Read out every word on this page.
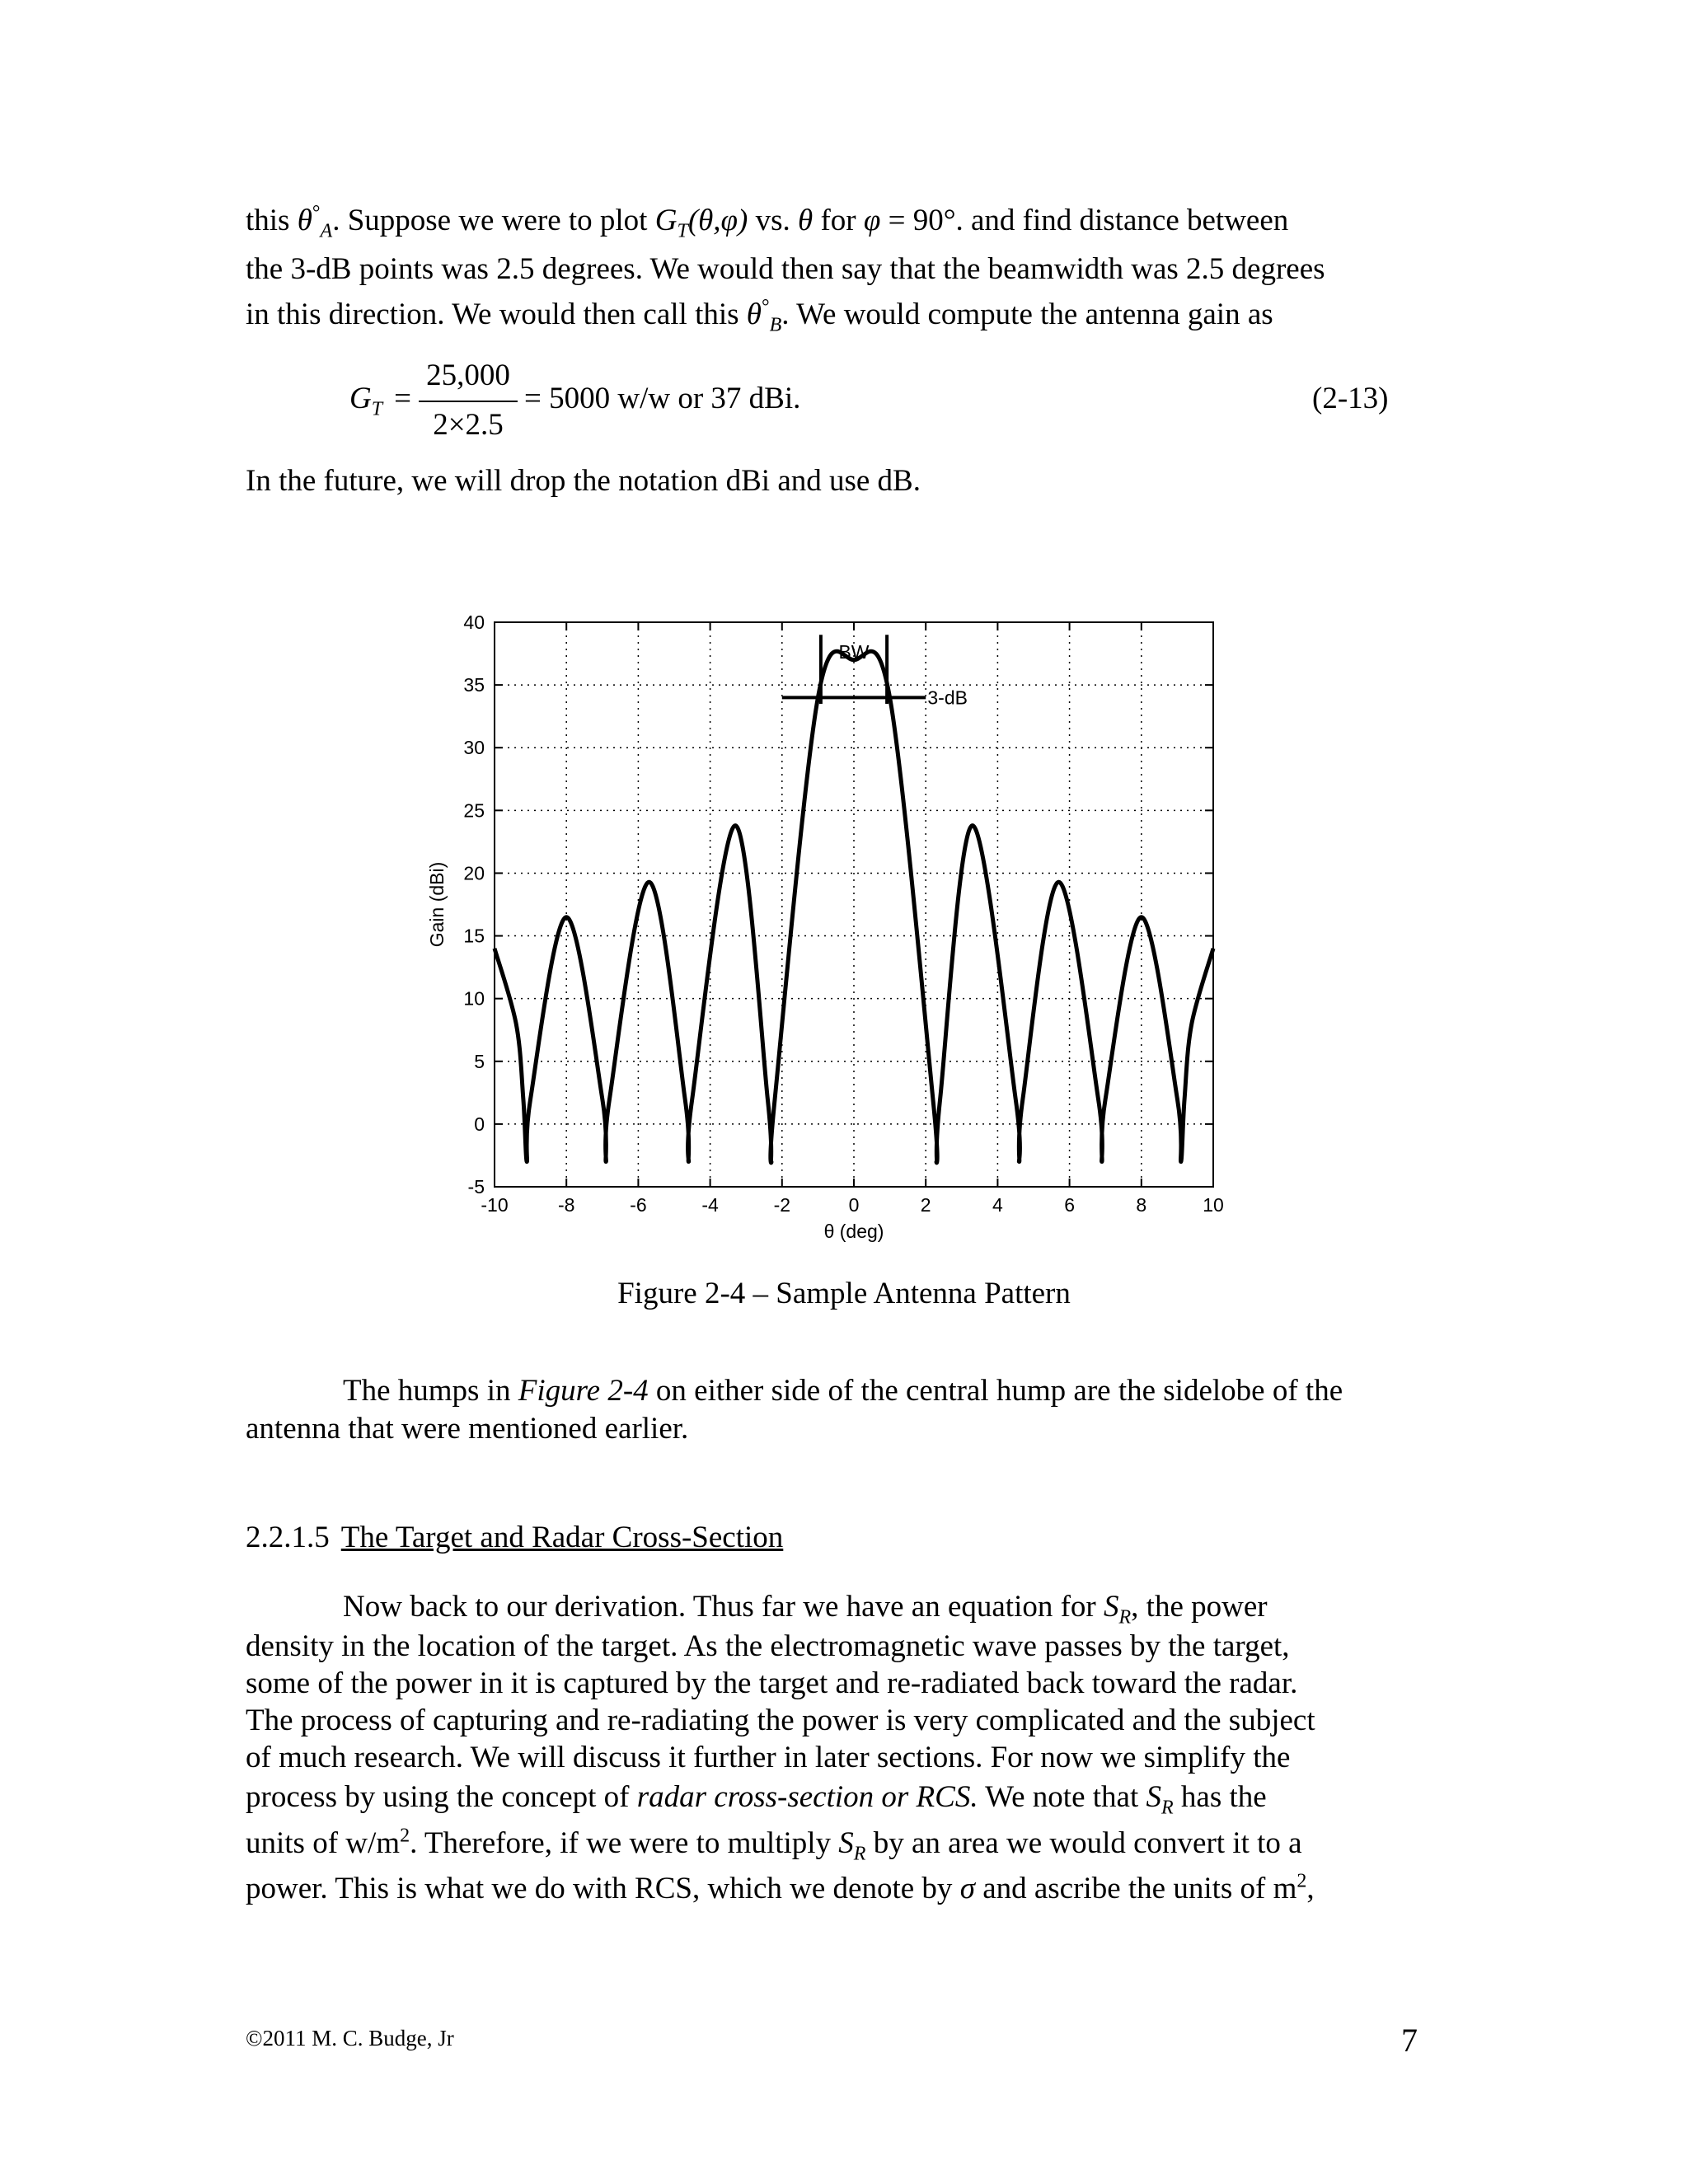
this $\theta^\circ_A$. Suppose we were to plot $G_T(\theta,\varphi)$ vs. θ for φ = 90°. and find distance between
the 3-dB points was 2.5 degrees. We would then say that the beamwidth was 2.5 degrees
in this direction. We would then call this $\theta^\circ_B$. We would compute the antenna gain as
$G_T$ =
25,000
2×2.5
= 5000 w/w or 37 dBi.	(2-13)
In the future, we will drop the notation dBi and use dB.
3-dB
BW
-10	-8	-6	-4	-2	0	2	4	6	8	10
-5
0
5
10
15
20
25
30
35
40
θ (deg)
Gain (dBi)
Figure 2-4 – Sample Antenna Pattern
The humps in Figure 2-4 on either side of the central hump are the sidelobe of the
antenna that were mentioned earlier.
2.2.1.5 The Target and Radar Cross-Section
Now back to our derivation. Thus far we have an equation for $S_R$, the power
density in the location of the target. As the electromagnetic wave passes by the target,
some of the power in it is captured by the target and re-radiated back toward the radar.
The process of capturing and re-radiating the power is very complicated and the subject
of much research. We will discuss it further in later sections. For now we simplify the
process by using the concept of radar cross-section or RCS. We note that $S_R$ has the
units of $w/m^2$. Therefore, if we were to multiply $S_R$ by an area we would convert it to a
power. This is what we do with RCS, which we denote by σ and ascribe the units of $m^2$,
©2011 M. C. Budge, Jr	7
